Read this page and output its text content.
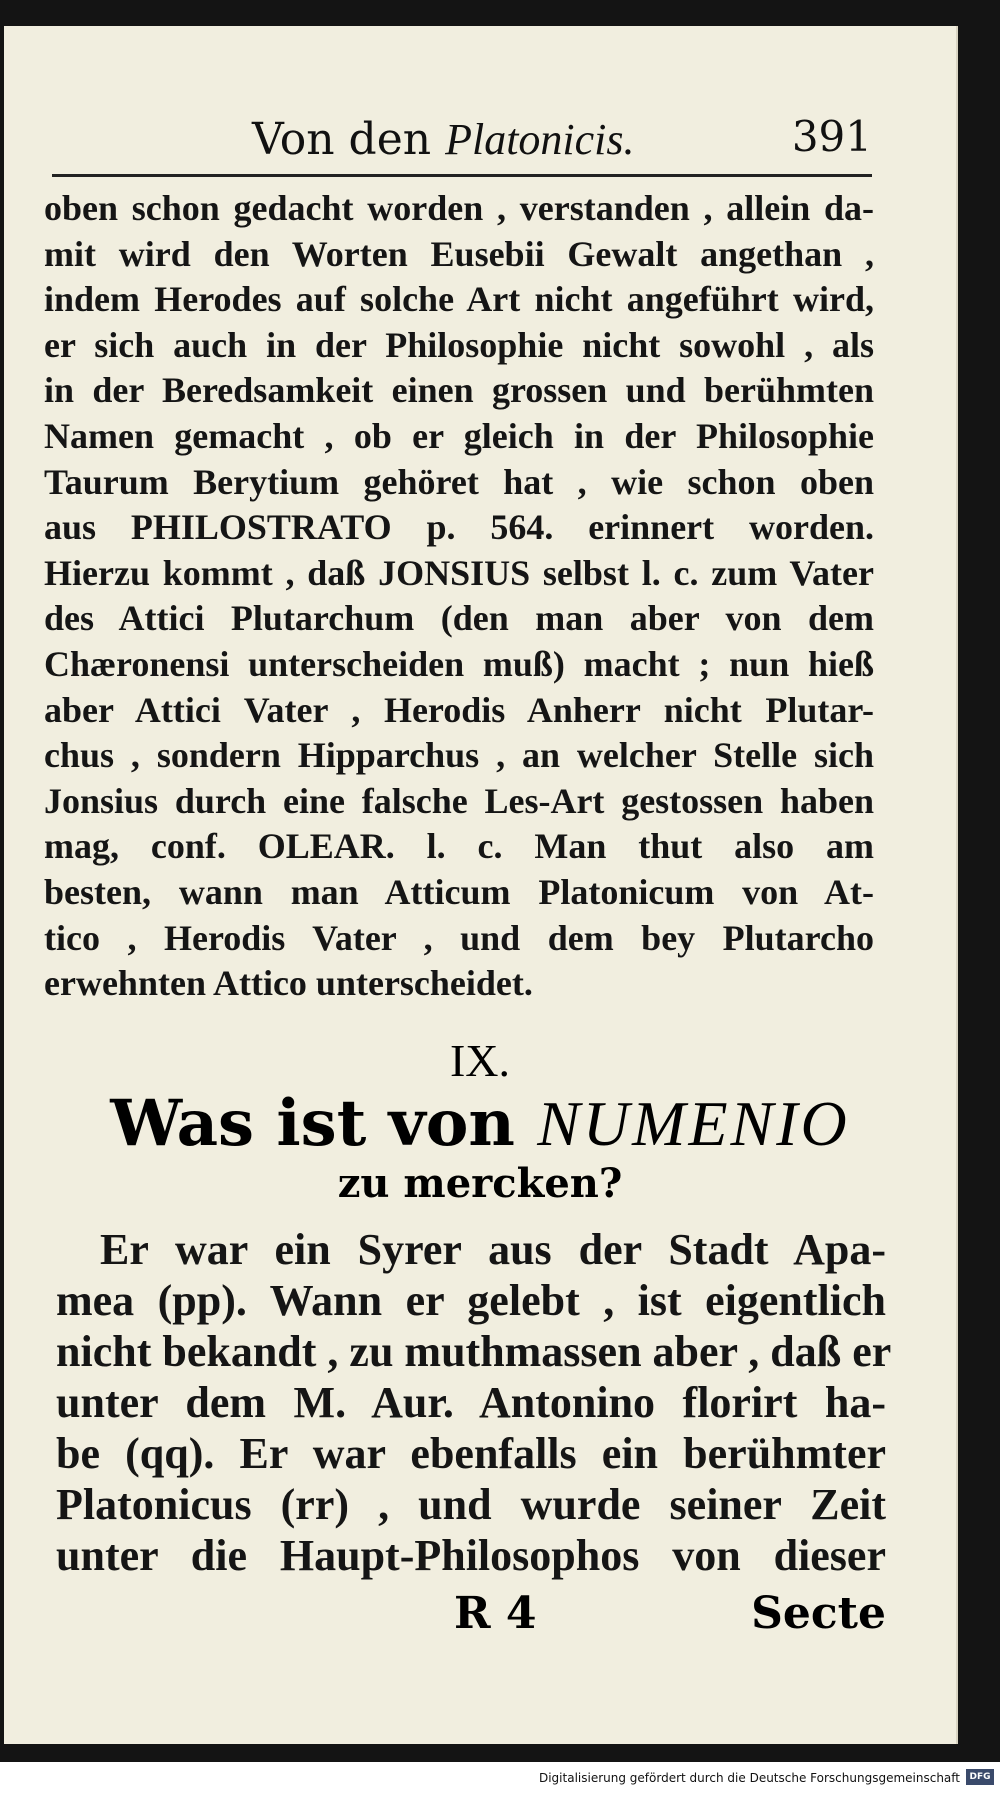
Von den Platonicis.	391
oben schon gedacht worden , verstanden , allein da-
mit wird den Worten Eusebii Gewalt angethan ,
indem Herodes auf solche Art nicht angeführt wird,
er sich auch in der Philosophie nicht sowohl , als
in der Beredsamkeit einen grossen und berühmten
Namen gemacht , ob er gleich in der Philosophie
Taurum Berytium gehöret hat , wie schon oben
aus PHILOSTRATO p. 564. erinnert worden.
Hierzu kommt , daß JONSIUS selbst l. c. zum Vater
des Attici Plutarchum (den man aber von dem
Chæronensi unterscheiden muß) macht ; nun hieß
aber Attici Vater , Herodis Anherr nicht Plutar-
chus , sondern Hipparchus , an welcher Stelle sich
Jonsius durch eine falsche Les-Art gestossen haben
mag, conf. OLEAR. l. c. Man thut also am
besten, wann man Atticum Platonicum von At-
tico , Herodis Vater , und dem bey Plutarcho
erwehnten Attico unterscheidet.
IX.
Was ist von NUMENIO
zu mercken?
Er war ein Syrer aus der Stadt Apa-
mea (pp). Wann er gelebt , ist eigentlich
nicht bekandt , zu muthmassen aber , daß er
unter dem M. Aur. Antonino florirt ha-
be (qq). Er war ebenfalls ein berühmter
Platonicus (rr) , und wurde seiner Zeit
unter die Haupt-Philosophos von dieser
R 4	Secte
Digitalisierung gefördert durch die Deutsche Forschungsgemeinschaft	DFG
